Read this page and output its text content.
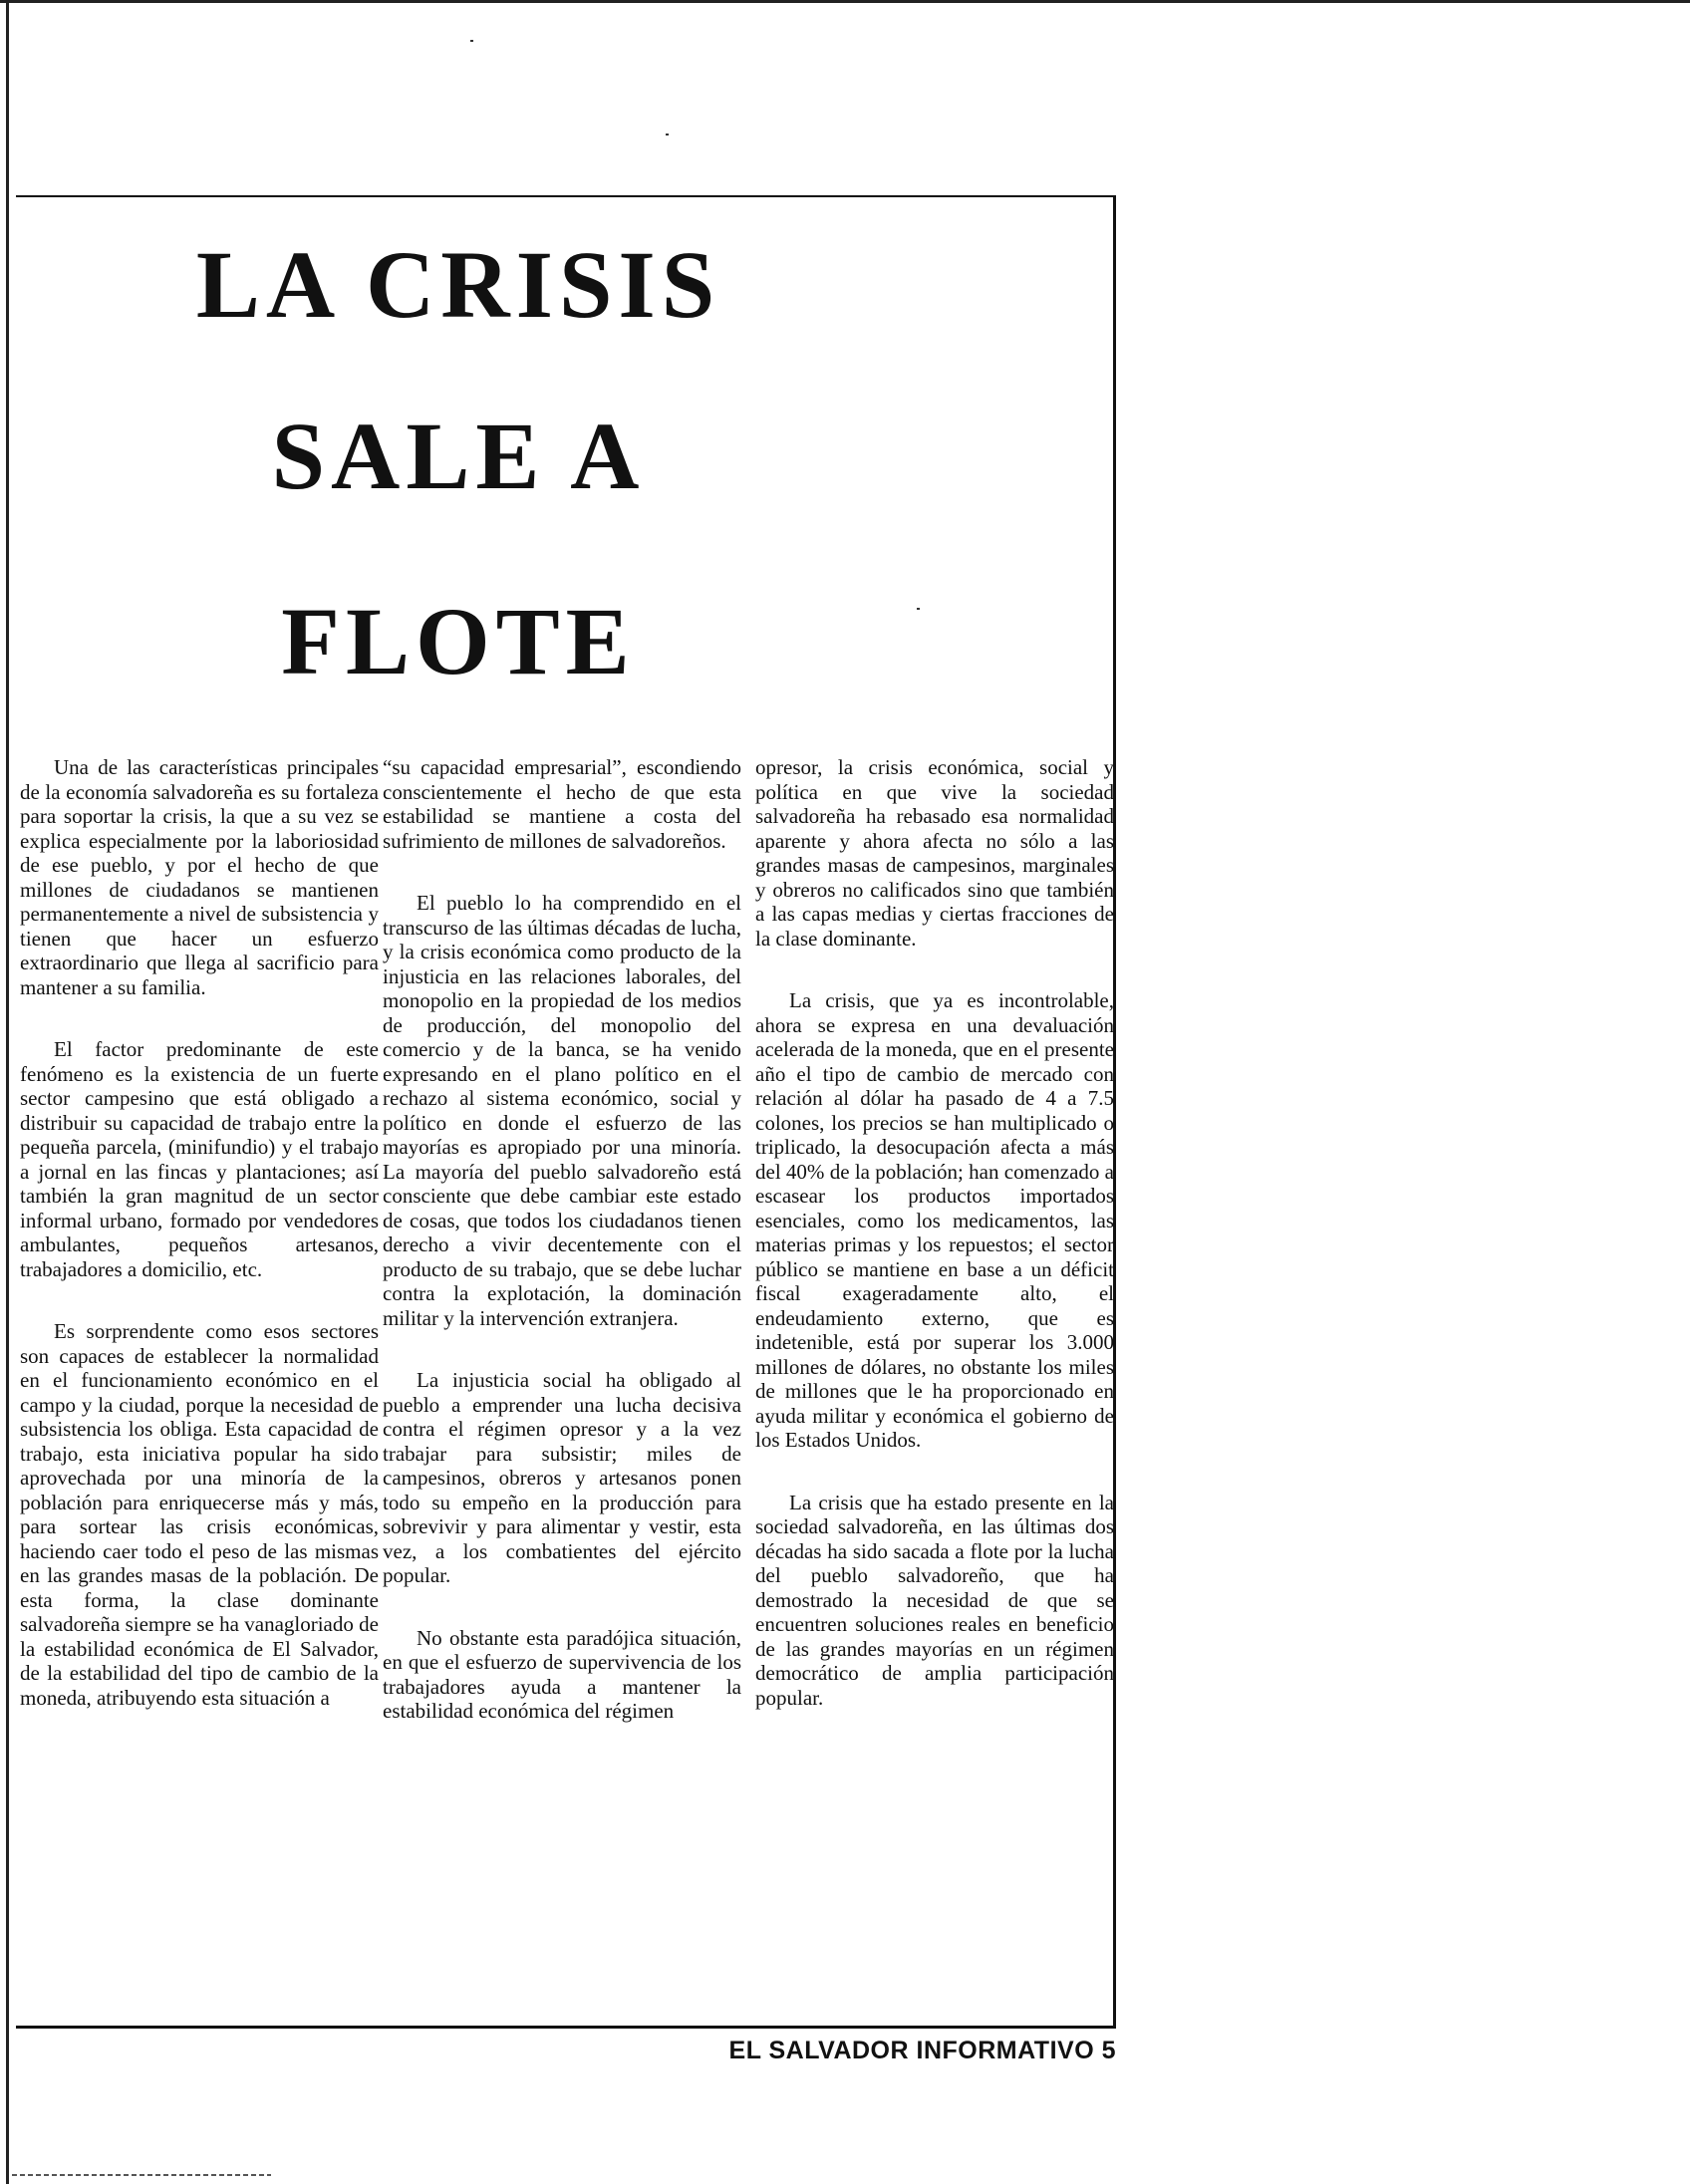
LA CRISIS
SALE A
FLOTE

Una de las características principales de la economía salvadoreña es su fortaleza para soportar la crisis, la que a su vez se explica especialmente por la laboriosidad de ese pueblo, y por el hecho de que millones de ciudadanos se mantienen permanentemente a nivel de subsistencia y tienen que hacer un esfuerzo extraordinario que llega al sacrificio para mantener a su familia.

El factor predominante de este fenómeno es la existencia de un fuerte sector campesino que está obligado a distribuir su capacidad de trabajo entre la pequeña parcela, (minifundio) y el trabajo a jornal en las fincas y plantaciones; así también la gran magnitud de un sector informal urbano, formado por vendedores ambulantes, pequeños artesanos, trabajadores a domicilio, etc.

Es sorprendente como esos sectores son capaces de establecer la normalidad en el funcionamiento económico en el campo y la ciudad, porque la necesidad de subsistencia los obliga. Esta capacidad de trabajo, esta iniciativa popular ha sido aprovechada por una minoría de la población para enriquecerse más y más, para sortear las crisis económicas, haciendo caer todo el peso de las mismas en las grandes masas de la población. De esta forma, la clase dominante salvadoreña siempre se ha vanagloriado de la estabilidad económica de El Salvador, de la estabilidad del tipo de cambio de la moneda, atribuyendo esta situación a

“su capacidad empresarial”, escondiendo conscientemente el hecho de que esta estabilidad se mantiene a costa del sufrimiento de millones de salvadoreños.

El pueblo lo ha comprendido en el transcurso de las últimas décadas de lucha, y la crisis económica como producto de la injusticia en las relaciones laborales, del monopolio en la propiedad de los medios de producción, del monopolio del comercio y de la banca, se ha venido expresando en el plano político en el rechazo al sistema económico, social y político en donde el esfuerzo de las mayorías es apropiado por una minoría. La mayoría del pueblo salvadoreño está consciente que debe cambiar este estado de cosas, que todos los ciudadanos tienen derecho a vivir decentemente con el producto de su trabajo, que se debe luchar contra la explotación, la dominación militar y la intervención extranjera.

La injusticia social ha obligado al pueblo a emprender una lucha decisiva contra el régimen opresor y a la vez trabajar para subsistir; miles de campesinos, obreros y artesanos ponen todo su empeño en la producción para sobrevivir y para alimentar y vestir, esta vez, a los combatientes del ejército popular.

No obstante esta paradójica situación, en que el esfuerzo de supervivencia de los trabajadores ayuda a mantener la estabilidad económica del régimen

opresor, la crisis económica, social y política en que vive la sociedad salvadoreña ha rebasado esa normalidad aparente y ahora afecta no sólo a las grandes masas de campesinos, marginales y obreros no calificados sino que también a las capas medias y ciertas fracciones de la clase dominante.

La crisis, que ya es incontrolable, ahora se expresa en una devaluación acelerada de la moneda, que en el presente año el tipo de cambio de mercado con relación al dólar ha pasado de 4 a 7.5 colones, los precios se han multiplicado o triplicado, la desocupación afecta a más del 40% de la población; han comenzado a escasear los productos importados esenciales, como los medicamentos, las materias primas y los repuestos; el sector público se mantiene en base a un déficit fiscal exageradamente alto, el endeudamiento externo, que es indetenible, está por superar los 3.000 millones de dólares, no obstante los miles de millones que le ha proporcionado en ayuda militar y económica el gobierno de los Estados Unidos.

La crisis que ha estado presente en la sociedad salvadoreña, en las últimas dos décadas ha sido sacada a flote por la lucha del pueblo salvadoreño, que ha demostrado la necesidad de que se encuentren soluciones reales en beneficio de las grandes mayorías en un régimen democrático de amplia participación popular.

EL SALVADOR INFORMATIVO 5
